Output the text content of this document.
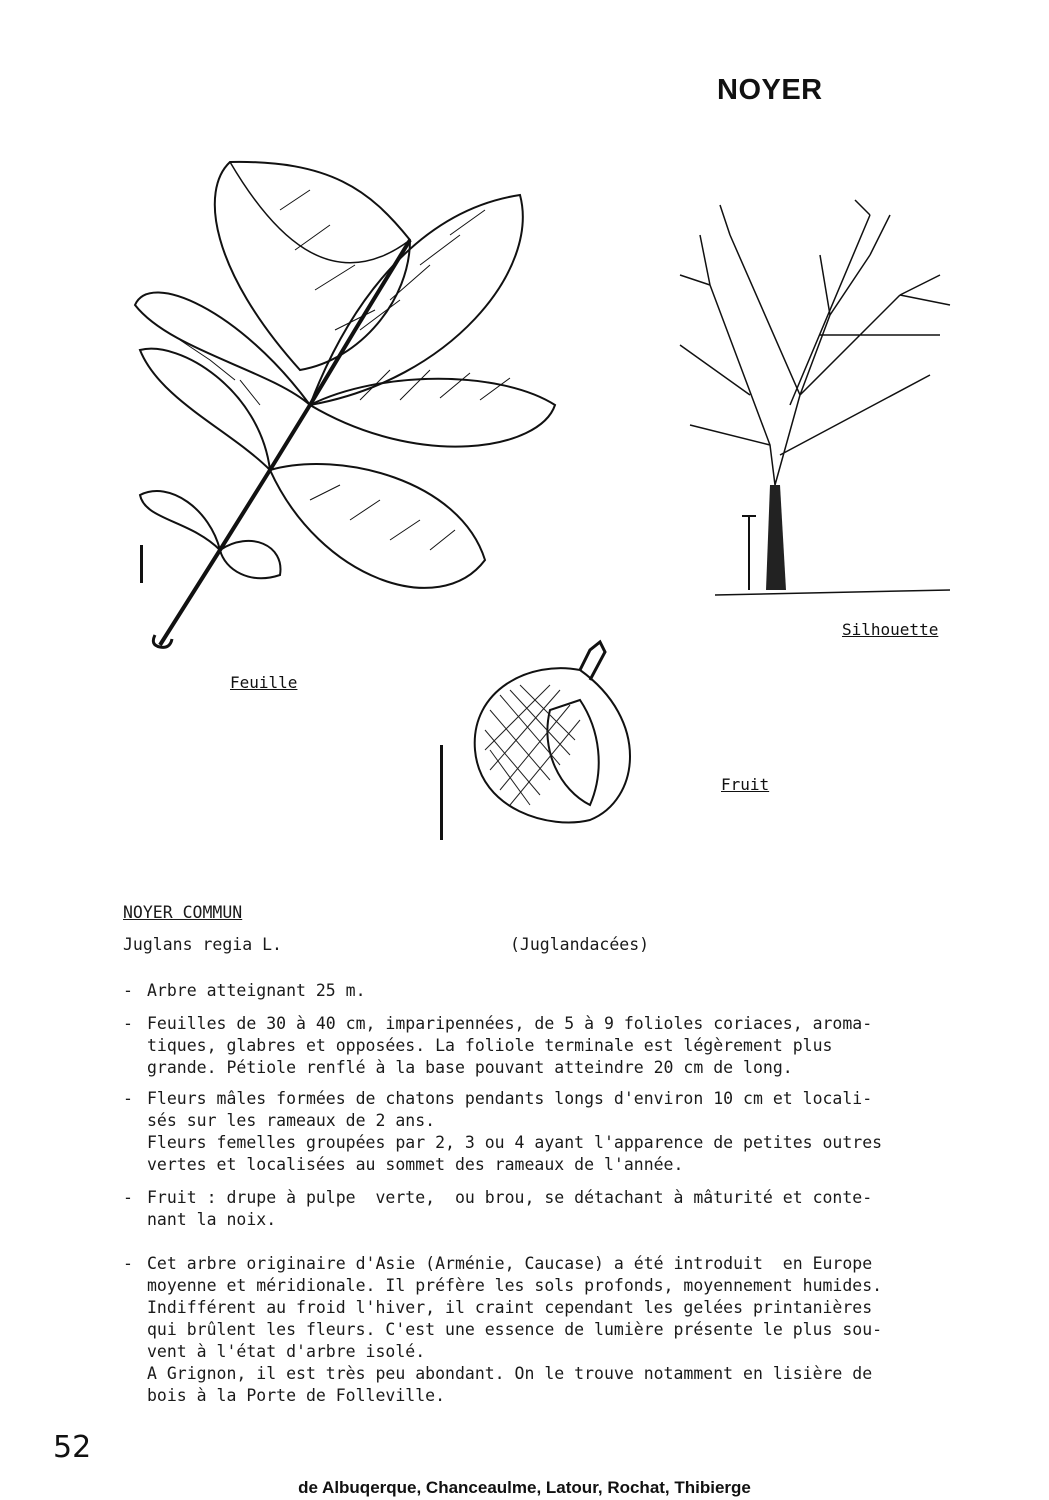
NOYER
Feuille
Silhouette
Fruit
NOYER COMMUN
Juglans regia L.	(Juglandacées)
- Arbre atteignant 25 m.
- Feuilles de 30 à 40 cm, imparipennées, de 5 à 9 folioles coriaces, aroma-
tiques, glabres et opposées. La foliole terminale est légèrement plus
grande. Pétiole renflé à la base pouvant atteindre 20 cm de long.
- Fleurs mâles formées de chatons pendants longs d'environ 10 cm et locali-
sés sur les rameaux de 2 ans.
Fleurs femelles groupées par 2, 3 ou 4 ayant l'apparence de petites outres
vertes et localisées au sommet des rameaux de l'année.
- Fruit : drupe à pulpe  verte,  ou brou, se détachant à mâturité et conte-
nant la noix.
- Cet arbre originaire d'Asie (Arménie, Caucase) a été introduit  en Europe
moyenne et méridionale. Il préfère les sols profonds, moyennement humides.
Indifférent au froid l'hiver, il craint cependant les gelées printanières
qui brûlent les fleurs. C'est une essence de lumière présente le plus sou-
vent à l'état d'arbre isolé.
A Grignon, il est très peu abondant. On le trouve notamment en lisière de
bois à la Porte de Folleville.
52
de Albuqerque, Chanceaulme, Latour, Rochat, Thibierge
